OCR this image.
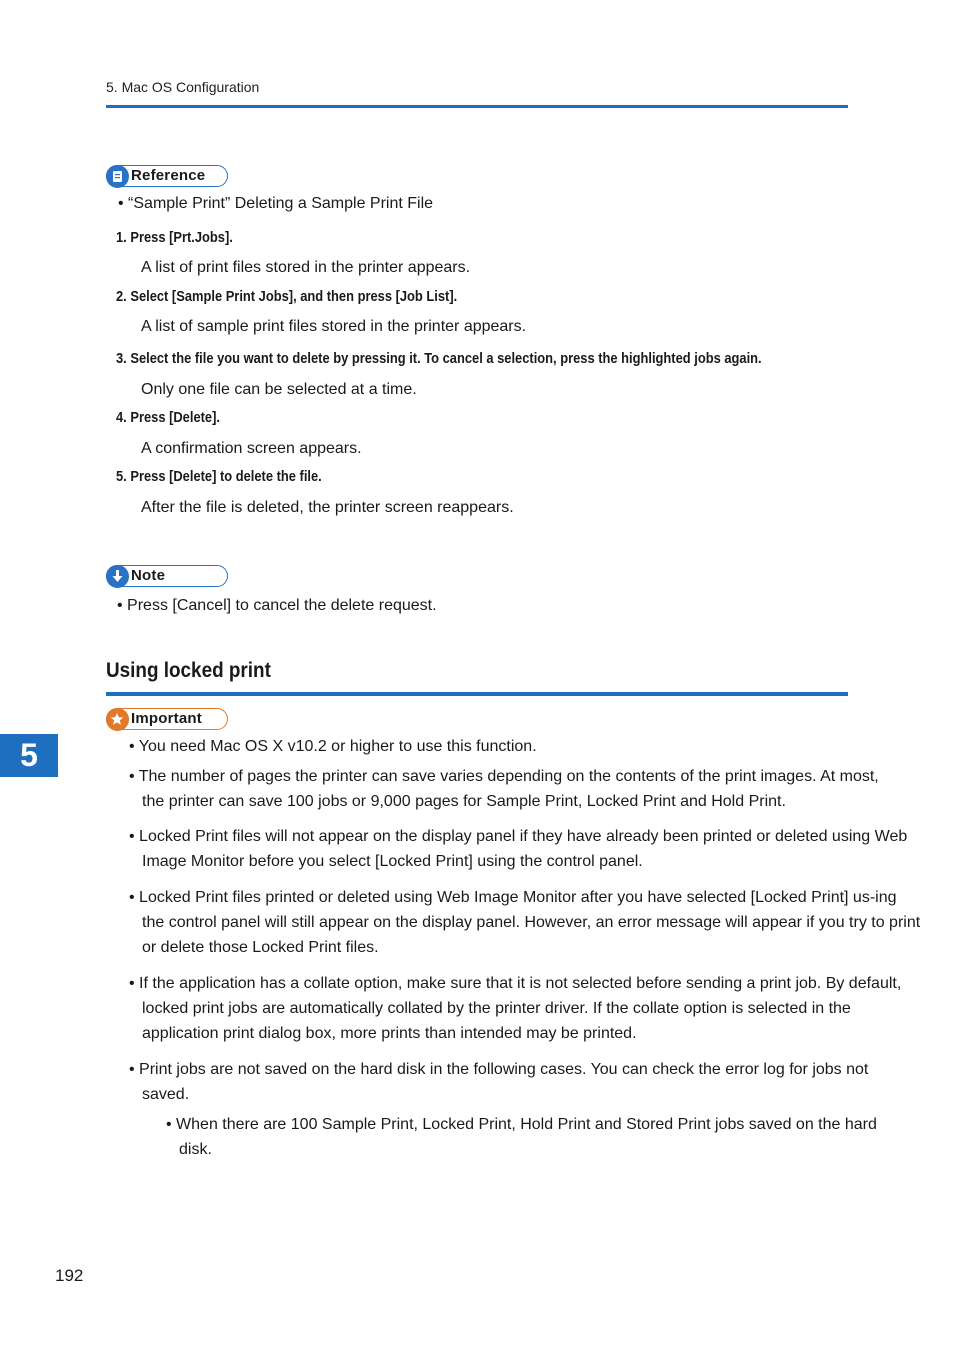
5. Mac OS Configuration
Reference
• “Sample Print” Deleting a Sample Print File
1. Press [Prt.Jobs].
A list of print files stored in the printer appears.
2. Select [Sample Print Jobs], and then press [Job List].
A list of sample print files stored in the printer appears.
3. Select the file you want to delete by pressing it. To cancel a selection, press the highlighted jobs again.
Only one file can be selected at a time.
4. Press [Delete].
A confirmation screen appears.
5. Press [Delete] to delete the file.
After the file is deleted, the printer screen reappears.
Note
• Press [Cancel] to cancel the delete request.
Using locked print
Important
5	• You need Mac OS X v10.2 or higher to use this function.

• The number of pages the printer can save varies depending on the contents of the print images. At most, the printer can save 100 jobs or 9,000 pages for Sample Print, Locked Print and Hold Print.

• Locked Print files will not appear on the display panel if they have already been printed or deleted using Web Image Monitor before you select [Locked Print] using the control panel.

• Locked Print files printed or deleted using Web Image Monitor after you have selected [Locked Print] us-ing the control panel will still appear on the display panel. However, an error message will appear if you try to print or delete those Locked Print files.

• If the application has a collate option, make sure that it is not selected before sending a print job. By default, locked print jobs are automatically collated by the printer driver. If the collate option is selected in the application print dialog box, more prints than intended may be printed.

• Print jobs are not saved on the hard disk in the following cases. You can check the error log for jobs not saved.

• When there are 100 Sample Print, Locked Print, Hold Print and Stored Print jobs saved on the hard disk.

192
